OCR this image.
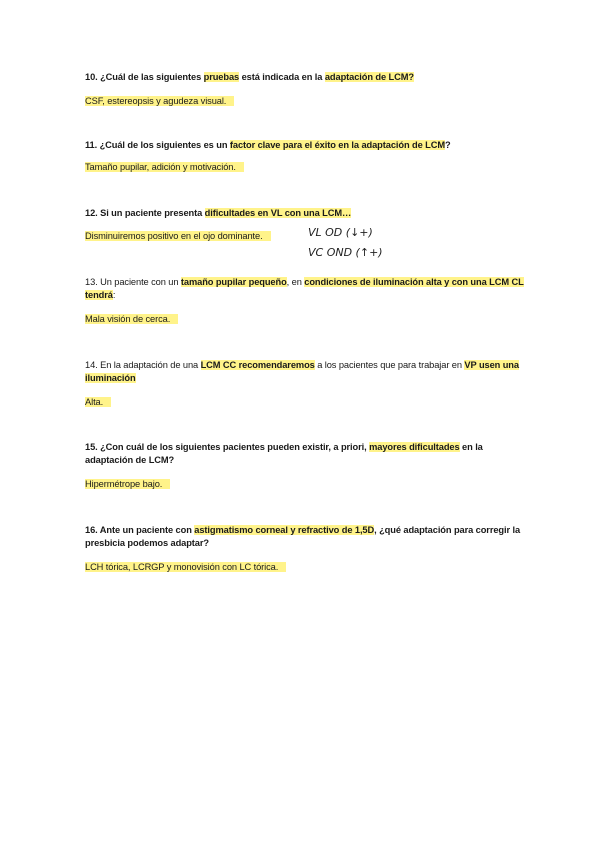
10. ¿Cuál de las siguientes pruebas está indicada en la adaptación de LCM?

CSF, estereopsis y agudeza visual.

11. ¿Cuál de los siguientes es un factor clave para el éxito en la adaptación de LCM?

Tamaño pupilar, adición y motivación.

12. Si un paciente presenta dificultades en VL con una LCM…

Disminuiremos positivo en el ojo dominante.	VL OD (↓+)
VC OND (↑+)

13. Un paciente con un tamaño pupilar pequeño, en condiciones de iluminación alta y con una LCM CL tendrá:

Mala visión de cerca.

14. En la adaptación de una LCM CC recomendaremos a los pacientes que para trabajar en VP usen una iluminación

Alta.

15. ¿Con cuál de los siguientes pacientes pueden existir, a priori, mayores dificultades en la adaptación de LCM?

Hipermétrope bajo.

16. Ante un paciente con astigmatismo corneal y refractivo de 1,5D, ¿qué adaptación para corregir la presbicia podemos adaptar?

LCH tórica, LCRGP y monovisión con LC tórica.
